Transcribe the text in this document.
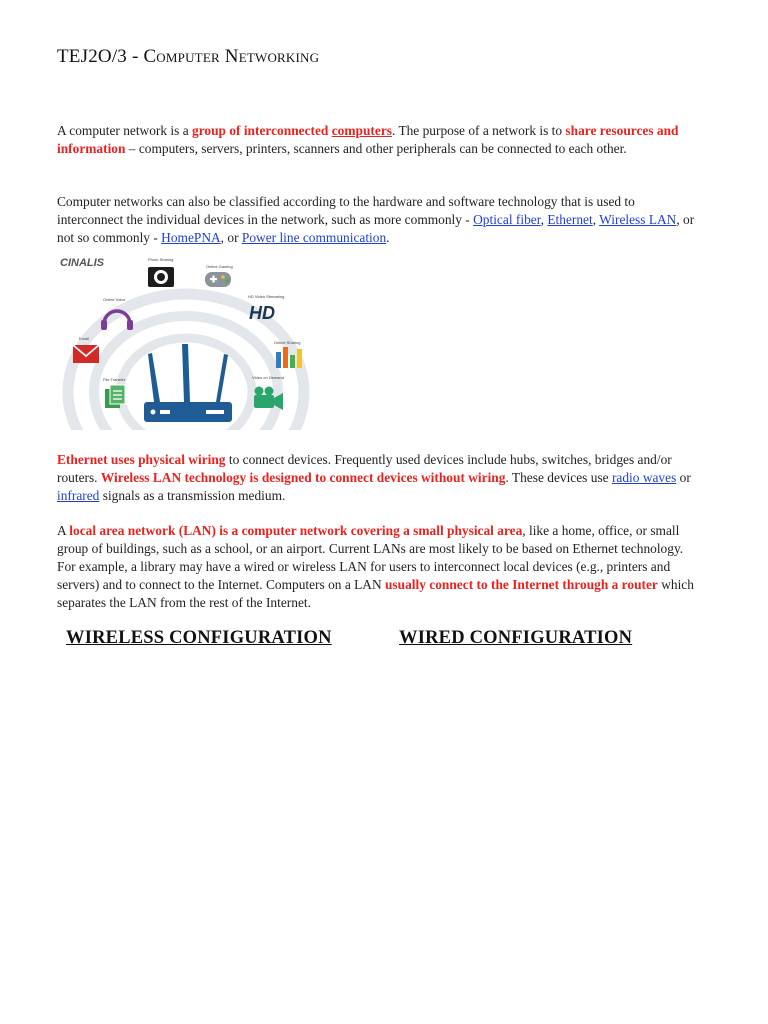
TEJ2O/3 - Computer Networking
A computer network is a group of interconnected computers. The purpose of a network is to share resources and information – computers, servers, printers, scanners and other peripherals can be connected to each other.
Computer networks can also be classified according to the hardware and software technology that is used to interconnect the individual devices in the network, such as more commonly - Optical fiber, Ethernet, Wireless LAN, or not so commonly - HomePNA, or Power line communication.
CINALIS	Photo Sharing
Online Gaming
Online Voice
HD
HD Video Streaming
Email
Online Sharing
File Transfer	Video on Demand
Ethernet uses physical wiring to connect devices. Frequently used devices include hubs, switches, bridges and/or routers. Wireless LAN technology is designed to connect devices without wiring. These devices use radio waves or infrared signals as a transmission medium.
A local area network (LAN) is a computer network covering a small physical area, like a home, office, or small group of buildings, such as a school, or an airport. Current LANs are most likely to be based on Ethernet technology. For example, a library may have a wired or wireless LAN for users to interconnect local devices (e.g., printers and servers) and to connect to the Internet. Computers on a LAN usually connect to the Internet through a router which separates the LAN from the rest of the Internet.
WIRELESS CONFIGURATION	WIRED CONFIGURATION
